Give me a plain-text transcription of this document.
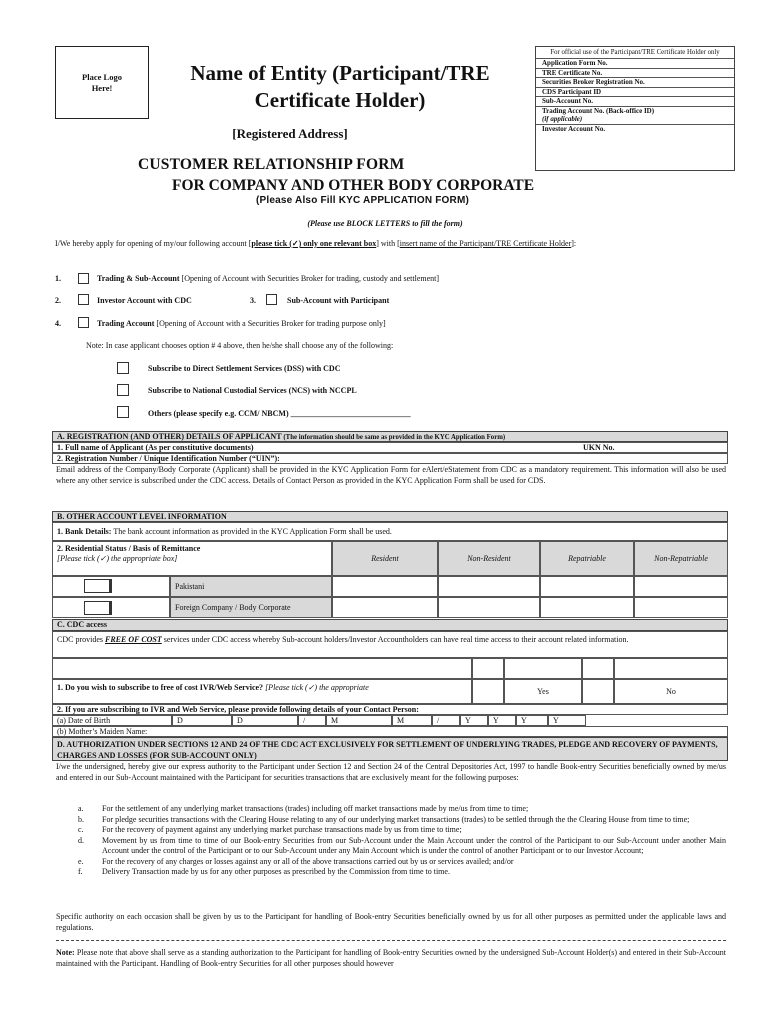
Place Logo Here!
Name of Entity (Participant/TRE Certificate Holder)
[Registered Address]
CUSTOMER RELATIONSHIP FORM
FOR COMPANY AND OTHER BODY CORPORATE
(Please Also Fill KYC APPLICATION FORM)
For official use of the Participant/TRE Certificate Holder only
Application Form No.
TRE Certificate No.
Securities Broker Registration No.
CDS Participant ID
Sub-Account No.
Trading Account No. (Back-office ID)
(if applicable)
Investor Account No.
(Please use BLOCK LETTERS to fill the form)
I/We hereby apply for opening of my/our following account [please tick (✓) only one relevant box] with [insert name of the Participant/TRE Certificate Holder]:
1.	Trading & Sub-Account [Opening of Account with Securities Broker for trading, custody and settlement]
2.	Investor Account with CDC	3.	Sub-Account with Participant
4.	Trading Account [Opening of Account with a Securities Broker for trading purpose only]
Note: In case applicant chooses option # 4 above, then he/she shall choose any of the following:
Subscribe to Direct Settlement Services (DSS) with CDC
Subscribe to National Custodial Services (NCS) with NCCPL
Others (please specify e.g. CCM/ NBCM) ______________________________
A. REGISTRATION (AND OTHER) DETAILS OF APPLICANT (The information should be same as provided in the KYC Application Form)
1. Full name of Applicant (As per constitutive documents)	UKN No.
2. Registration Number / Unique Identification Number (“UIN”):
Email address of the Company/Body Corporate (Applicant) shall be provided in the KYC Application Form for eAlert/eStatement from CDC as a mandatory requirement. This information will also be used where any other service is subscribed under the CDC access. Details of Contact Person as provided in the KYC Application Form shall be used for CDS.
B. OTHER ACCOUNT LEVEL INFORMATION
1. Bank Details: The bank account information as provided in the KYC Application Form shall be used.
2. Residential Status / Basis of Remittance
[Please tick (✓) the appropriate box]	Resident	Non-Resident	Repatriable	Non-Repatriable
Pakistani
Foreign Company / Body Corporate
C. CDC access
CDC provides FREE OF COST services under CDC access whereby Sub-account holders/Investor Accountholders can have real time access to their account related information.
1. Do you wish to subscribe to free of cost IVR/Web Service? [Please tick (✓) the appropriate	Yes	No
2. If you are subscribing to IVR and Web Service, please provide following details of your Contact Person:
(a) Date of Birth	D	D	/	M	M	/	Y	Y	Y	Y
(b) Mother’s Maiden Name:
D. AUTHORIZATION UNDER SECTIONS 12 AND 24 OF THE CDC ACT EXCLUSIVELY FOR SETTLEMENT OF UNDERLYING TRADES, PLEDGE AND RECOVERY OF PAYMENTS, CHARGES AND LOSSES (FOR SUB-ACCOUNT ONLY)
I/we the undersigned, hereby give our express authority to the Participant under Section 12 and Section 24 of the Central Depositories Act, 1997 to handle Book-entry Securities beneficially owned by me/us and entered in our Sub-Account maintained with the Participant for securities transactions that are exclusively meant for the following purposes:
a.	For the settlement of any underlying market transactions (trades) including off market transactions made by me/us from time to time;
b.	For pledge securities transactions with the Clearing House relating to any of our underlying market transactions (trades) to be settled through the the Clearing House from time to time;
c.	For the recovery of payment against any underlying market purchase transactions made by us from time to time;
d.	Movement by us from time to time of our Book-entry Securities from our Sub-Account under the Main Account under the control of the Participant to our Sub-Account under another Main Account under the control of the Participant or to our Sub-Account under any Main Account which is under the control of another Participant or to our Investor Account;
e.	For the recovery of any charges or losses against any or all of the above transactions carried out by us or services availed; and/or
f.	Delivery Transaction made by us for any other purposes as prescribed by the Commission from time to time.
Specific authority on each occasion shall be given by us to the Participant for handling of Book-entry Securities beneficially owned by us for all other purposes as permitted under the applicable laws and regulations.
Note: Please note that above shall serve as a standing authorization to the Participant for handling of Book-entry Securities owned by the undersigned Sub-Account Holder(s) and entered in their Sub-Account maintained with the Participant. Handling of Book-entry Securities for all other purposes should however
